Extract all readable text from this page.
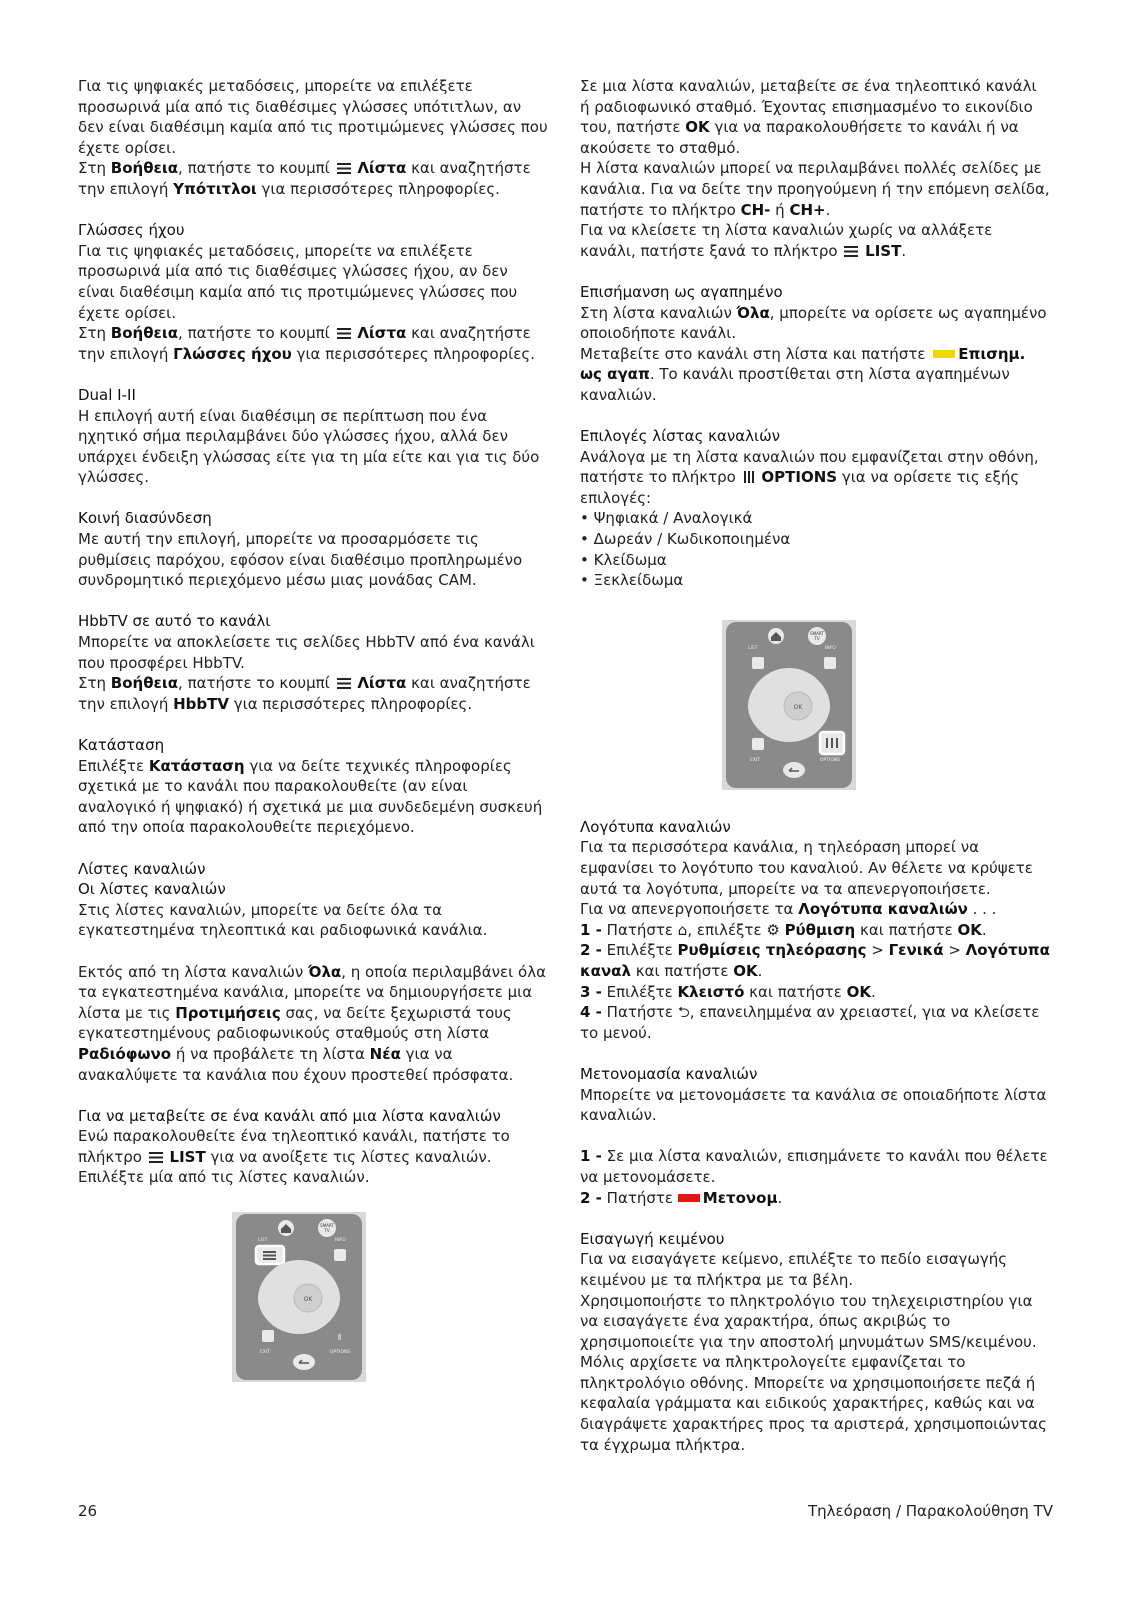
Για τις ψηφιακές μεταδόσεις, μπορείτε να επιλέξετε προσωρινά μία από τις διαθέσιμες γλώσσες υπότιτλων, αν δεν είναι διαθέσιμη καμία από τις προτιμώμενες γλώσσες που έχετε ορίσει.

Στη Βοήθεια, πατήστε το κουμπί  Λίστα και αναζητήστε την επιλογή Υπότιτλοι για περισσότερες πληροφορίες.

Γλώσσες ήχου

Για τις ψηφιακές μεταδόσεις, μπορείτε να επιλέξετε προσωρινά μία από τις διαθέσιμες γλώσσες ήχου, αν δεν είναι διαθέσιμη καμία από τις προτιμώμενες γλώσσες που έχετε ορίσει.

Στη Βοήθεια, πατήστε το κουμπί  Λίστα και αναζητήστε την επιλογή Γλώσσες ήχου για περισσότερες πληροφορίες.

Dual I-II

Η επιλογή αυτή είναι διαθέσιμη σε περίπτωση που ένα ηχητικό σήμα περιλαμβάνει δύο γλώσσες ήχου, αλλά δεν υπάρχει ένδειξη γλώσσας είτε για τη μία είτε και για τις δύο γλώσσες.

Κοινή διασύνδεση

Με αυτή την επιλογή, μπορείτε να προσαρμόσετε τις ρυθμίσεις παρόχου, εφόσον είναι διαθέσιμο προπληρωμένο συνδρομητικό περιεχόμενο μέσω μιας μονάδας CAM.

HbbTV σε αυτό το κανάλι

Μπορείτε να αποκλείσετε τις σελίδες HbbTV από ένα κανάλι που προσφέρει HbbTV.

Στη Βοήθεια, πατήστε το κουμπί  Λίστα και αναζητήστε την επιλογή HbbTV για περισσότερες πληροφορίες.

Κατάσταση

Επιλέξτε Κατάσταση για να δείτε τεχνικές πληροφορίες σχετικά με το κανάλι που παρακολουθείτε (αν είναι αναλογικό ή ψηφιακό) ή σχετικά με μια συνδεδεμένη συσκευή από την οποία παρακολουθείτε περιεχόμενο.

Λίστες καναλιών
Οι λίστες καναλιών

Στις λίστες καναλιών, μπορείτε να δείτε όλα τα εγκατεστημένα τηλεοπτικά και ραδιοφωνικά κανάλια.

Εκτός από τη λίστα καναλιών Όλα, η οποία περιλαμβάνει όλα τα εγκατεστημένα κανάλια, μπορείτε να δημιουργήσετε μια λίστα με τις Προτιμήσεις σας, να δείτε ξεχωριστά τους εγκατεστημένους ραδιοφωνικούς σταθμούς στη λίστα Ραδιόφωνο ή να προβάλετε τη λίστα Νέα για να ανακαλύψετε τα κανάλια που έχουν προστεθεί πρόσφατα.

Για να μεταβείτε σε ένα κανάλι από μια λίστα καναλιών

Ενώ παρακολουθείτε ένα τηλεοπτικό κανάλι, πατήστε το πλήκτρο  LIST για να ανοίξετε τις λίστες καναλιών. Επιλέξτε μία από τις λίστες καναλιών.

SMART
TV
LIST	INFO
OK
⫴
EXIT	OPTIONS

Σε μια λίστα καναλιών, μεταβείτε σε ένα τηλεοπτικό κανάλι ή ραδιοφωνικό σταθμό. Έχοντας επισημασμένο το εικονίδιο του, πατήστε OK για να παρακολουθήσετε το κανάλι ή να ακούσετε το σταθμό.

Η λίστα καναλιών μπορεί να περιλαμβάνει πολλές σελίδες με κανάλια. Για να δείτε την προηγούμενη ή την επόμενη σελίδα, πατήστε το πλήκτρο CH- ή CH+.

Για να κλείσετε τη λίστα καναλιών χωρίς να αλλάξετε κανάλι, πατήστε ξανά το πλήκτρο  LIST.

Επισήμανση ως αγαπημένο

Στη λίστα καναλιών Όλα, μπορείτε να ορίσετε ως αγαπημένο οποιοδήποτε κανάλι.

Μεταβείτε στο κανάλι στη λίστα και πατήστε Επισημ. ως αγαπ. Το κανάλι προστίθεται στη λίστα αγαπημένων καναλιών.

Επιλογές λίστας καναλιών

Ανάλογα με τη λίστα καναλιών που εμφανίζεται στην οθόνη, πατήστε το πλήκτρο
OPTIONS για να ορίσετε τις εξής επιλογές:

• Ψηφιακά / Αναλογικά
• Δωρεάν / Κωδικοποιημένα
• Κλείδωμα
• Ξεκλείδωμα
Λογότυπα καναλιών

Για τα περισσότερα κανάλια, η τηλεόραση μπορεί να εμφανίσει το λογότυπο του καναλιού. Αν θέλετε να κρύψετε αυτά τα λογότυπα, μπορείτε να τα απενεργοποιήσετε.

Για να απενεργοποιήσετε τα Λογότυπα καναλιών . . .

1 - Πατήστε ⌂, επιλέξτε ⚙ Ρύθμιση και πατήστε OK.

2 - Επιλέξτε Ρυθμίσεις τηλεόρασης > Γενικά > Λογότυπα καναλ και πατήστε OK.

3 - Επιλέξτε Κλειστό και πατήστε OK.

4 - Πατήστε ⮌, επανειλημμένα αν χρειαστεί, για να κλείσετε το μενού.

Μετονομασία καναλιών

Μπορείτε να μετονομάσετε τα κανάλια σε οποιαδήποτε λίστα καναλιών.

1 - Σε μια λίστα καναλιών, επισημάνετε το κανάλι που θέλετε να μετονομάσετε.

2 - Πατήστε Μετονομ.

Εισαγωγή κειμένου

Για να εισαγάγετε κείμενο, επιλέξτε το πεδίο εισαγωγής κειμένου με τα πλήκτρα με τα βέλη.

Χρησιμοποιήστε το πληκτρολόγιο του τηλεχειριστηρίου για να εισαγάγετε ένα χαρακτήρα, όπως ακριβώς το χρησιμοποιείτε για την αποστολή μηνυμάτων SMS/κειμένου. Μόλις αρχίσετε να πληκτρολογείτε εμφανίζεται το πληκτρολόγιο οθόνης. Μπορείτε να χρησιμοποιήσετε πεζά ή κεφαλαία γράμματα και ειδικούς χαρακτήρες, καθώς και να διαγράψετε χαρακτήρες προς τα αριστερά, χρησιμοποιώντας τα έγχρωμα πλήκτρα.

SMART
TV
LIST	INFO
OK
EXIT	OPTIONS
26	Τηλεόραση / Παρακολούθηση TV
